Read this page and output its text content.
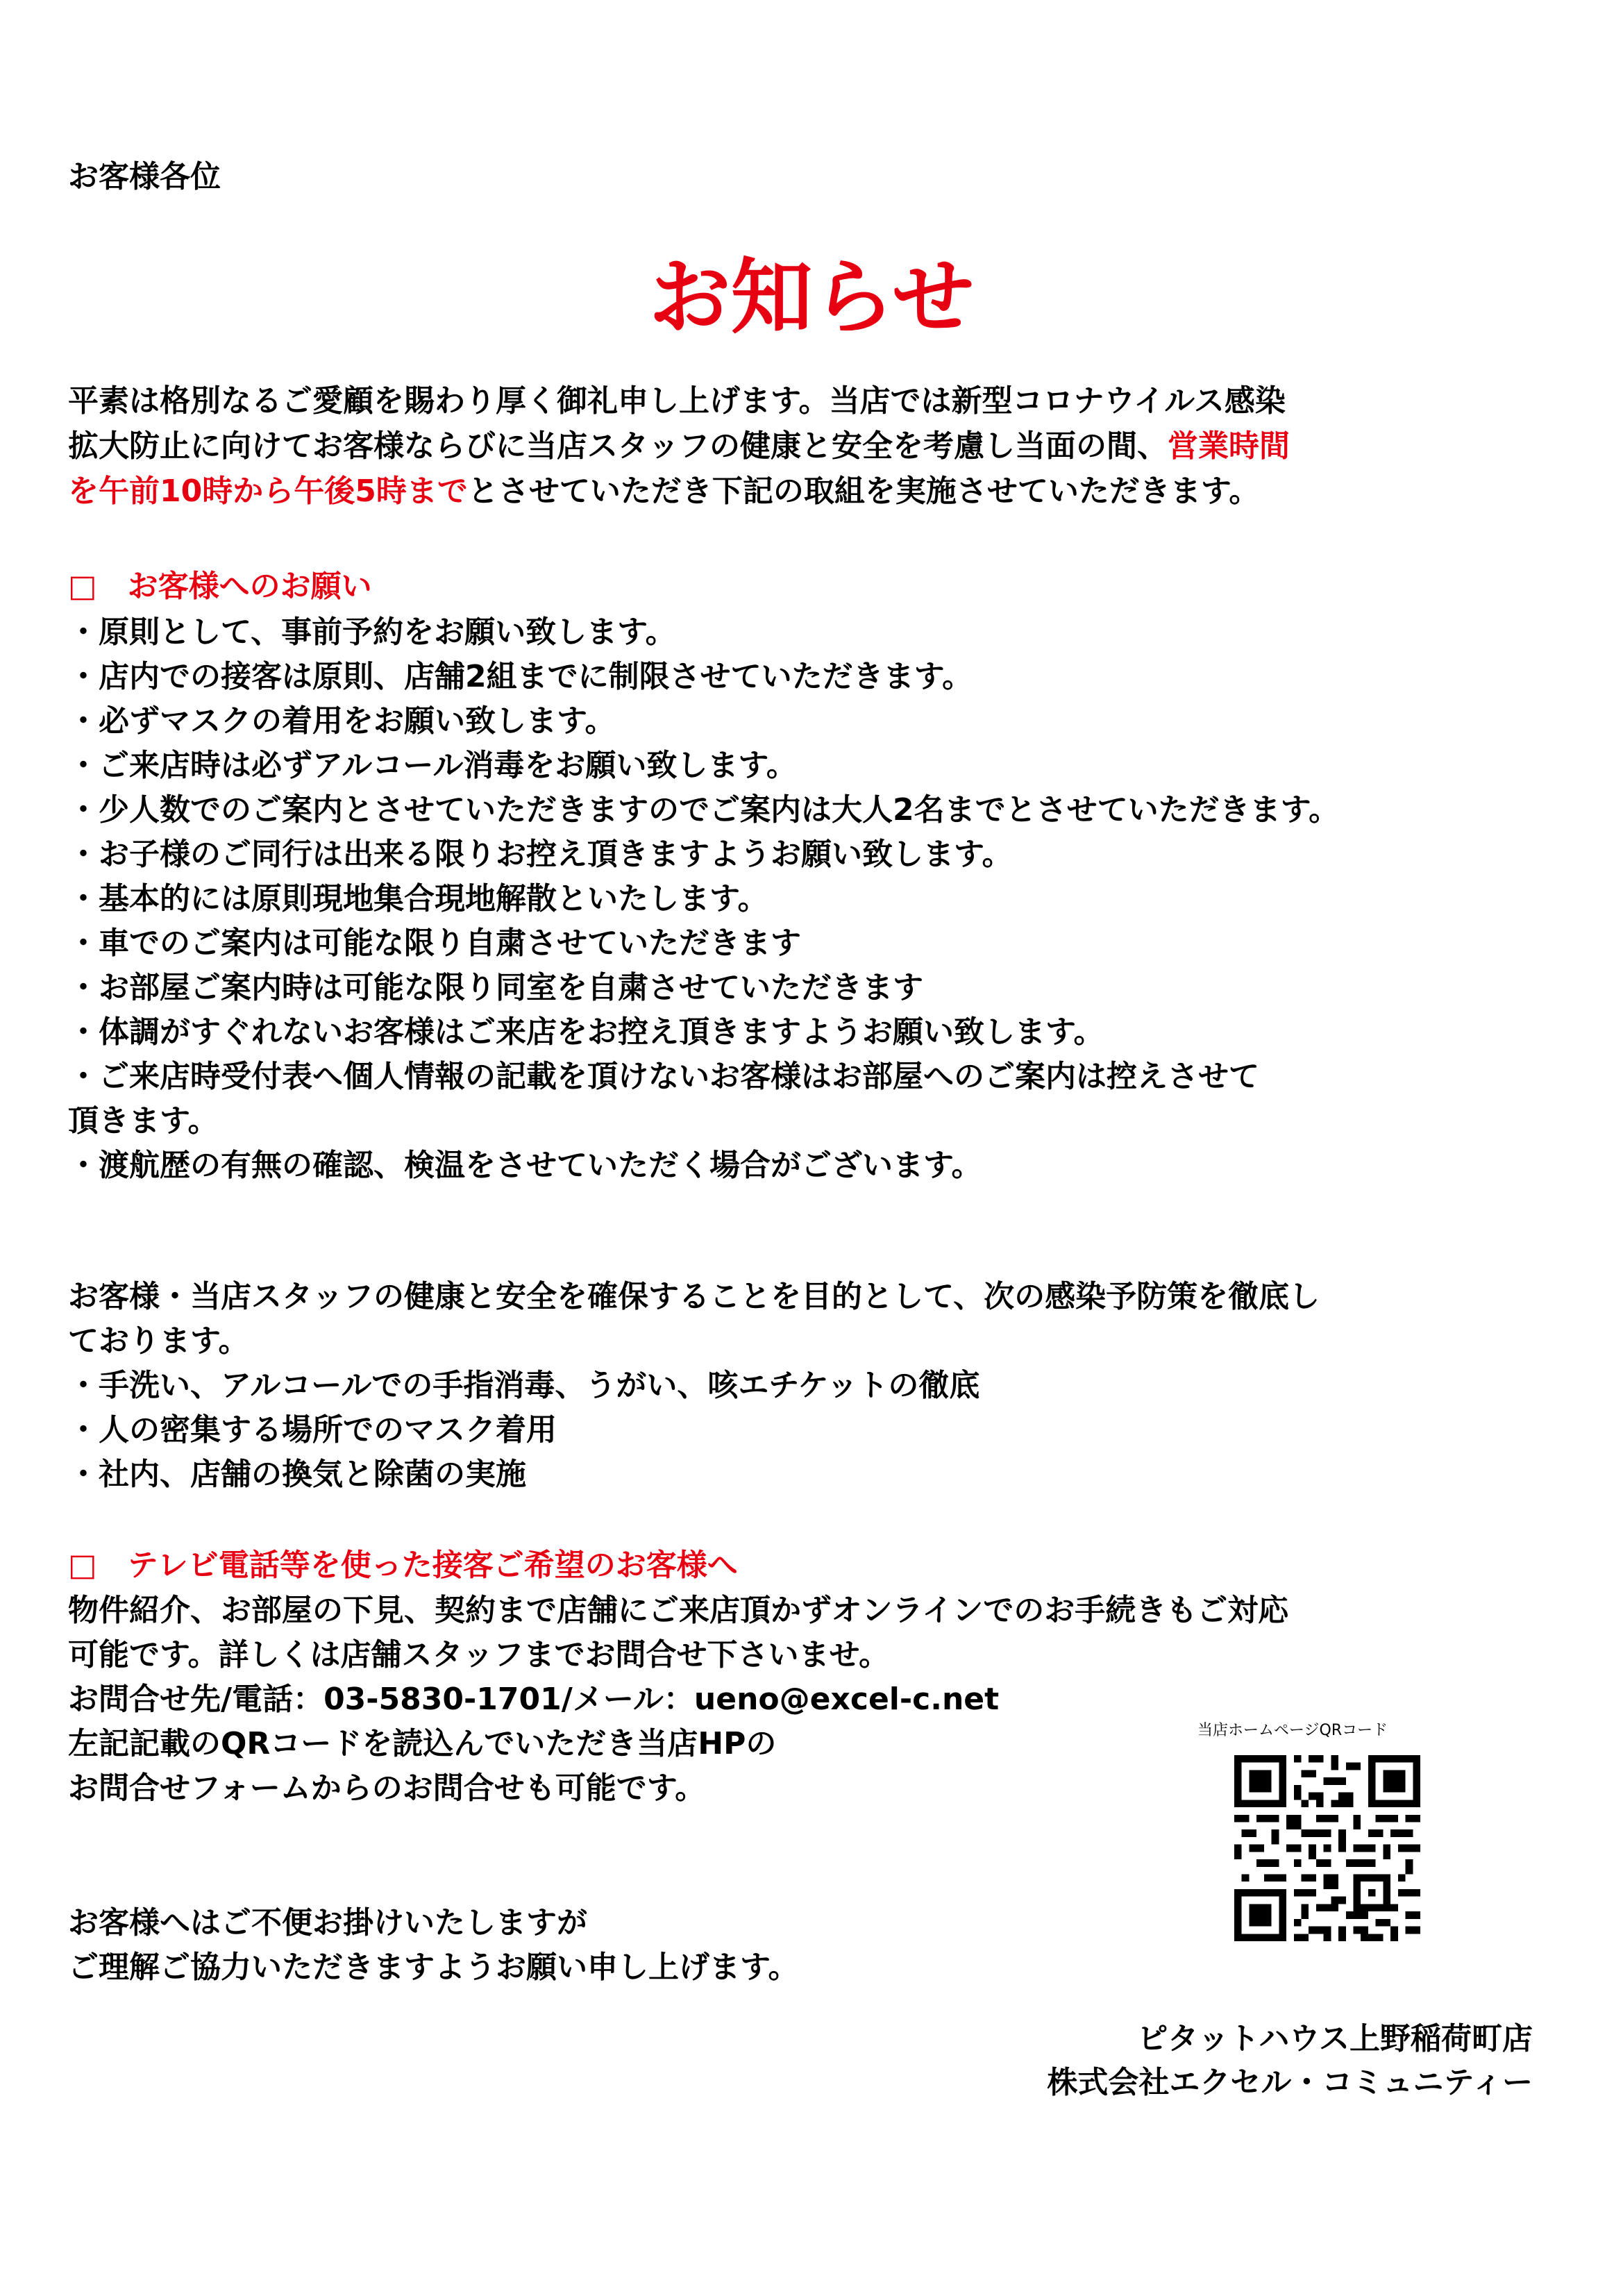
お客様各位
お知らせ
平素は格別なるご愛顧を賜わり厚く御礼申し上げます。当店では新型コロナウイルス感染
拡大防止に向けてお客様ならびに当店スタッフの健康と安全を考慮し当面の間、営業時間
を午前10時から午後5時までとさせていただき下記の取組を実施させていただきます。
□　お客様へのお願い
・原則として、事前予約をお願い致します。
・店内での接客は原則、店舗2組までに制限させていただきます。
・必ずマスクの着用をお願い致します。
・ご来店時は必ずアルコール消毒をお願い致します。
・少人数でのご案内とさせていただきますのでご案内は大人2名までとさせていただきます。
・お子様のご同行は出来る限りお控え頂きますようお願い致します。
・基本的には原則現地集合現地解散といたします。
・車でのご案内は可能な限り自粛させていただきます
・お部屋ご案内時は可能な限り同室を自粛させていただきます
・体調がすぐれないお客様はご来店をお控え頂きますようお願い致します。
・ご来店時受付表へ個人情報の記載を頂けないお客様はお部屋へのご案内は控えさせて
頂きます。
・渡航歴の有無の確認、検温をさせていただく場合がございます。
お客様・当店スタッフの健康と安全を確保することを目的として、次の感染予防策を徹底し
ております。
・手洗い、アルコールでの手指消毒、うがい、咳エチケットの徹底
・人の密集する場所でのマスク着用
・社内、店舗の換気と除菌の実施
□　テレビ電話等を使った接客ご希望のお客様へ
物件紹介、お部屋の下見、契約まで店舗にご来店頂かずオンラインでのお手続きもご対応
可能です。詳しくは店舗スタッフまでお問合せ下さいませ。
お問合せ先/電話：03-5830-1701/メール：ueno@excel-c.net
左記記載のQRコードを読込んでいただき当店HPの
お問合せフォームからのお問合せも可能です。
当店ホームページQRコード
お客様へはご不便お掛けいたしますが
ご理解ご協力いただきますようお願い申し上げます。
ピタットハウス上野稲荷町店
株式会社エクセル・コミュニティー
